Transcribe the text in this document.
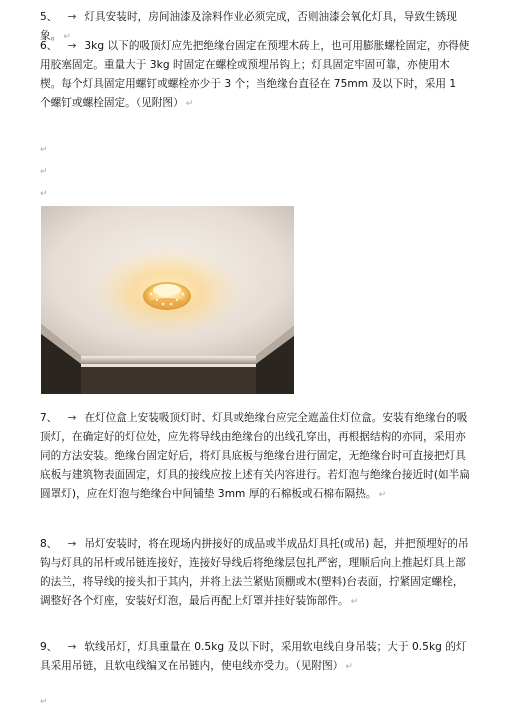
5、 → 灯具安装时，房间油漆及涂料作业必须完成，否则油漆会氧化灯具，导致生锈现象。 ↵
6、 → 3kg 以下的吸顶灯应先把绝缘台固定在预埋木砖上，也可用膨胀螺栓固定，亦得使用胶塞固定。重量大于 3kg 时固定在螺栓或预埋吊钩上；灯具固定牢固可靠，亦使用木楔。每个灯具固定用螺钉或螺栓亦少于 3 个；当绝缘台直径在 75mm 及以下时，采用 1 个螺钉或螺栓固定。（见附图） ↵
↵
↵
↵
7、 → 在灯位盒上安装吸顶灯时、灯具或绝缘台应完全遮盖住灯位盒。安装有绝缘台的吸顶灯，在确定好的灯位处，应先将导线由绝缘台的出线孔穿出，再根据结构的亦同，采用亦同的方法安装。绝缘台固定好后，将灯具底板与绝缘台进行固定，无绝缘台时可直接把灯具底板与建筑物表面固定，灯具的接线应按上述有关内容进行。若灯泡与绝缘台接近时(如半扁圆罩灯)，应在灯泡与绝缘台中间铺垫 3mm 厚的石棉板或石棉布隔热。 ↵
8、 → 吊灯安装时，将在现场内拼接好的成品或半成品灯具托(或吊) 起，并把预埋好的吊钩与灯具的吊杆或吊链连接好，连接好导线后将绝缘层包扎严密，理顺后向上推起灯具上部的法兰，将导线的接头扣于其内，并将上法兰紧贴顶棚或木(塑料)台表面，拧紧固定螺栓，调整好各个灯座，安装好灯泡，最后再配上灯罩并挂好装饰部件。 ↵
9、 → 软线吊灯，灯具重量在 0.5kg 及以下时，采用软电线自身吊装；大于 0.5kg 的灯具采用吊链，且软电线编叉在吊链内，使电线亦受力。（见附图） ↵
↵
